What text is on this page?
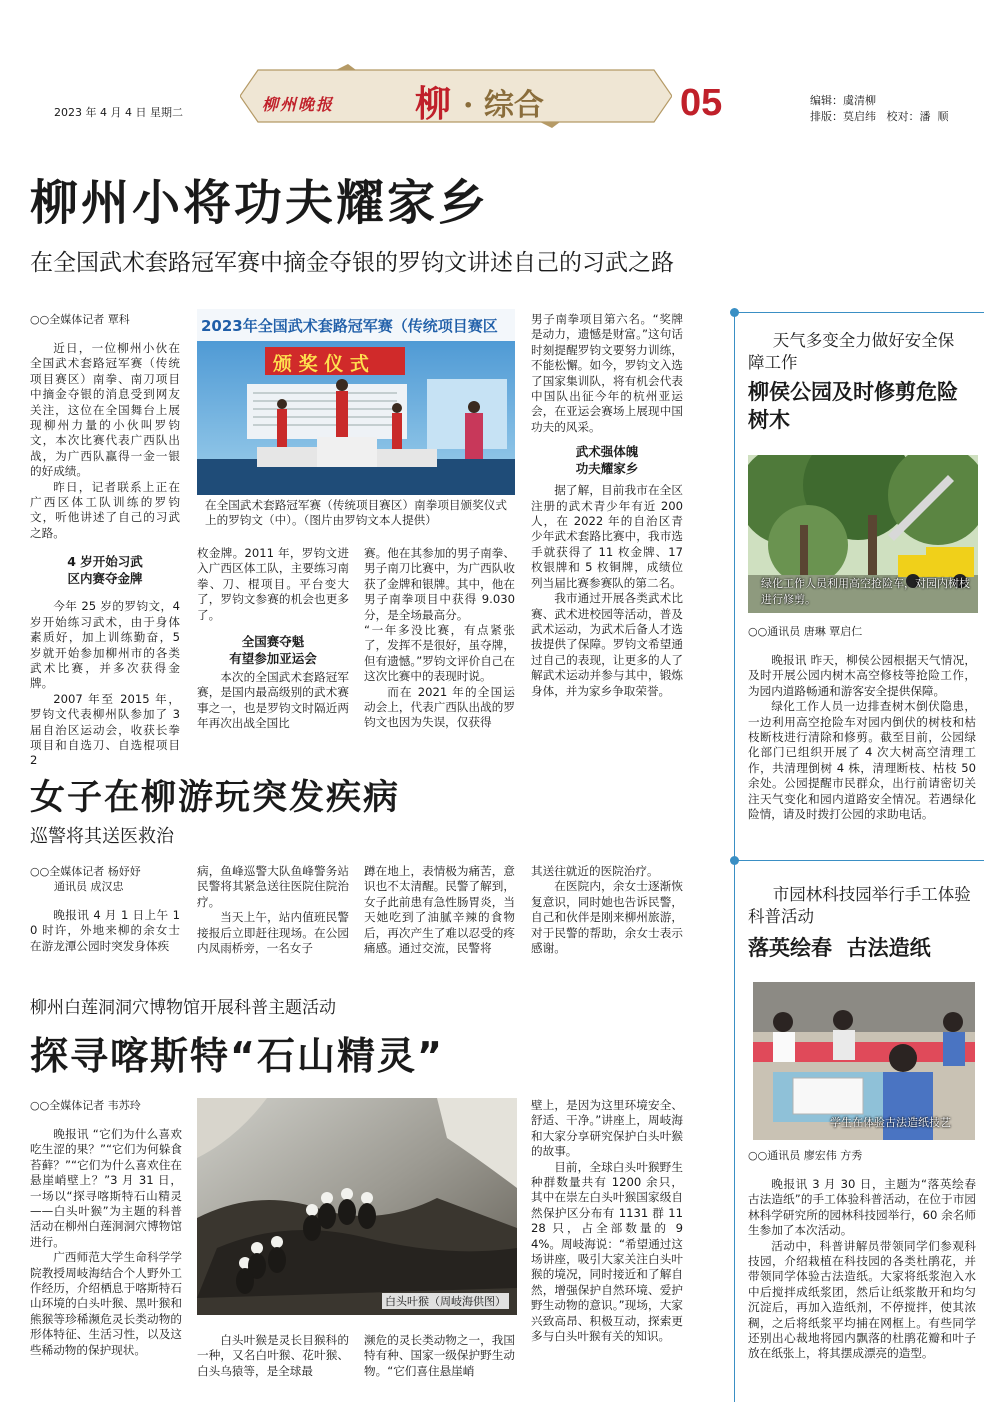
2023 年 4 月 4 日 星期二	柳州晚报 柳 · 综合	05	编辑：虞清柳
排版：莫启纬   校对：潘  顺
柳州小将功夫耀家乡
在全国武术套路冠军赛中摘金夺银的罗钧文讲述自己的习武之路
○○全媒体记者 覃科

近日，一位柳州小伙在全国武术套路冠军赛（传统项目赛区）南拳、南刀项目中摘金夺银的消息受到网友关注，这位在全国舞台上展现柳州力量的小伙叫罗钧文，本次比赛代表广西队出战，为广西队赢得一金一银的好成绩。

昨日，记者联系上正在广西区体工队训练的罗钧文，听他讲述了自己的习武之路。

4 岁开始习武
区内赛夺金牌

今年 25 岁的罗钧文，4 岁开始练习武术，由于身体素质好，加上训练勤奋，5 岁就开始参加柳州市的各类武术比赛，并多次获得金牌。

2007 年至 2015 年，罗钧文代表柳州队参加了 3 届自治区运动会，收获长拳项目和自选刀、自选棍项目 2

2023年全国武术套路冠军赛（传统项目赛区
颁 奖 仪 式
在全国武术套路冠军赛（传统项目赛区）南拳项目颁奖仪式上的罗钧文（中）。（图片由罗钧文本人提供）

枚金牌。2011 年，罗钧文进入广西区体工队，主要练习南拳、刀、棍项目。平台变大了，罗钧文参赛的机会也更多了。

全国赛夺魁
有望参加亚运会

本次的全国武术套路冠军赛，是国内最高级别的武术赛事之一，也是罗钧文时隔近两年再次出战全国比

赛。他在其参加的男子南拳、男子南刀比赛中，为广西队收获了金牌和银牌。其中，他在男子南拳项目中获得 9.030 分，是全场最高分。

“一年多没比赛，有点紧张了，发挥不是很好，虽夺牌，但有遗憾。”罗钧文评价自己在这次比赛中的表现时说。

而在 2021 年的全国运动会上，代表广西队出战的罗钧文也因为失误，仅获得

男子南拳项目第六名。“奖牌是动力，遗憾是财富。”这句话时刻提醒罗钧文要努力训练，不能松懈。如今，罗钧文入选了国家集训队，将有机会代表中国队出征今年的杭州亚运会，在亚运会赛场上展现中国功夫的风采。

武术强体魄
功夫耀家乡

据了解，目前我市在全区注册的武术青少年有近 200 人，在 2022 年的自治区青少年武术套路比赛中，我市选手就获得了 11 枚金牌、17 枚银牌和 5 枚铜牌，成绩位列当届比赛参赛队的第二名。

我市通过开展各类武术比赛、武术进校园等活动，普及武术运动，为武术后备人才选拔提供了保障。罗钧文希望通过自己的表现，让更多的人了解武术运动并参与其中，锻炼身体，并为家乡争取荣誉。

女子在柳游玩突发疾病
巡警将其送医救治
○○全媒体记者 杨妤妤
通讯员 成汉忠

晚报讯 4 月 1 日上午 10 时许，外地来柳的余女士在游龙潭公园时突发身体疾

病，鱼峰巡警大队鱼峰警务站民警将其紧急送往医院住院治疗。

当天上午，站内值班民警接报后立即赶往现场。在公园内凤雨桥旁，一名女子

蹲在地上，表情极为痛苦，意识也不太清醒。民警了解到，女子此前患有急性肠胃炎，当天她吃到了油腻辛辣的食物后，再次产生了难以忍受的疼痛感。通过交流，民警将

其送往就近的医院治疗。

在医院内，余女士逐渐恢复意识，同时她也告诉民警，自己和伙伴是刚来柳州旅游，对于民警的帮助，余女士表示感谢。

柳州白莲洞洞穴博物馆开展科普主题活动
探寻喀斯特“石山精灵”
○○全媒体记者 韦苏玲

晚报讯 “它们为什么喜欢吃生涩的果？”“它们为何躲食苔藓？”“它们为什么喜欢住在悬崖峭壁上？”3 月 31 日，一场以“探寻喀斯特石山精灵——白头叶猴”为主题的科普活动在柳州白莲洞洞穴博物馆进行。

广西师范大学生命科学学院教授周岐海结合个人野外工作经历，介绍栖息于喀斯特石山环境的白头叶猴、黑叶猴和熊猴等珍稀濒危灵长类动物的形体特征、生活习性，以及这些稀动物的保护现状。

白头叶猴（周岐海供图）

白头叶猴是灵长目猴科的一种，又名白叶猴、花叶猴、白头乌猿等，是全球最

濒危的灵长类动物之一，我国特有种、国家一级保护野生动物。“它们喜住悬崖峭

壁上，是因为这里环境安全、舒适、干净。”讲座上，周岐海和大家分享研究保护白头叶猴的故事。

目前，全球白头叶猴野生种群数量共有 1200 余只，其中在崇左白头叶猴国家级自然保护区分布有 1131 群 1128 只，占全部数量的 94%。周岐海说：“希望通过这场讲座，吸引大家关注白头叶猴的境况，同时接近和了解自然，增强保护自然环境、爱护野生动物的意识。”现场，大家兴致高昂、积极互动，探索更多与白头叶猴有关的知识。

天气多变全力做好安全保障工作
柳侯公园及时修剪危险树木
绿化工作人员利用高空抢险车，对园内树枝进行修剪。
○○通讯员 唐琳 覃启仁

晚报讯 昨天，柳侯公园根据天气情况，及时开展公园内树木高空修枝等抢险工作，为园内道路畅通和游客安全提供保障。

绿化工作人员一边排查树木倒伏隐患，一边利用高空抢险车对园内倒伏的树枝和枯枝断枝进行清除和修剪。截至目前，公园绿化部门已组织开展了 4 次大树高空清理工作，共清理倒树 4 株，清理断枝、枯枝 50 余处。公园提醒市民群众，出行前请密切关注天气变化和园内道路安全情况。若遇绿化险情，请及时拨打公园的求助电话。

市园林科技园举行手工体验科普活动
落英绘春  古法造纸
学生在体验古法造纸技艺
○○通讯员 廖宏伟 方秀

晚报讯 3 月 30 日，主题为“落英绘春 古法造纸”的手工体验科普活动，在位于市园林科学研究所的园林科技园举行，60 余名师生参加了本次活动。

活动中，科普讲解员带领同学们参观科技园，介绍栽植在科技园的各类杜鹃花，并带领同学体验古法造纸。大家将纸浆泡入水中后搅拌成纸浆团，然后让纸浆散开和均匀沉淀后，再加入造纸剂，不停搅拌，使其浓稠，之后将纸浆平均捕在网框上。有些同学还别出心裁地将园内飘落的杜鹃花瓣和叶子放在纸张上，将其摆成漂亮的造型。
